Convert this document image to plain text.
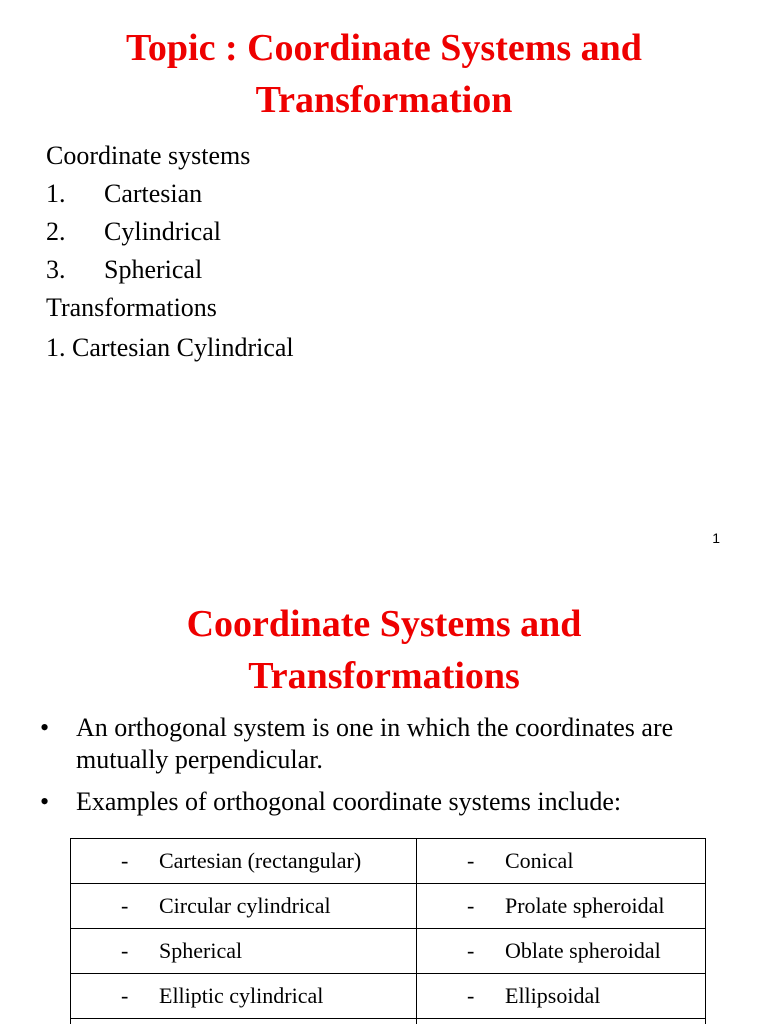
Topic : Coordinate Systems and
Transformation
Coordinate systems
1. Cartesian
2. Cylindrical
3. Spherical
Transformations
1. Cartesian Cylindrical
1
Coordinate Systems and
Transformations
• An orthogonal system is one in which the coordinates are mutually perpendicular.
• Examples of orthogonal coordinate systems include:
- Cartesian (rectangular)	- Conical

- Circular cylindrical	- Prolate spheroidal

- Spherical	- Oblate spheroidal

- Elliptic cylindrical	- Ellipsoidal
